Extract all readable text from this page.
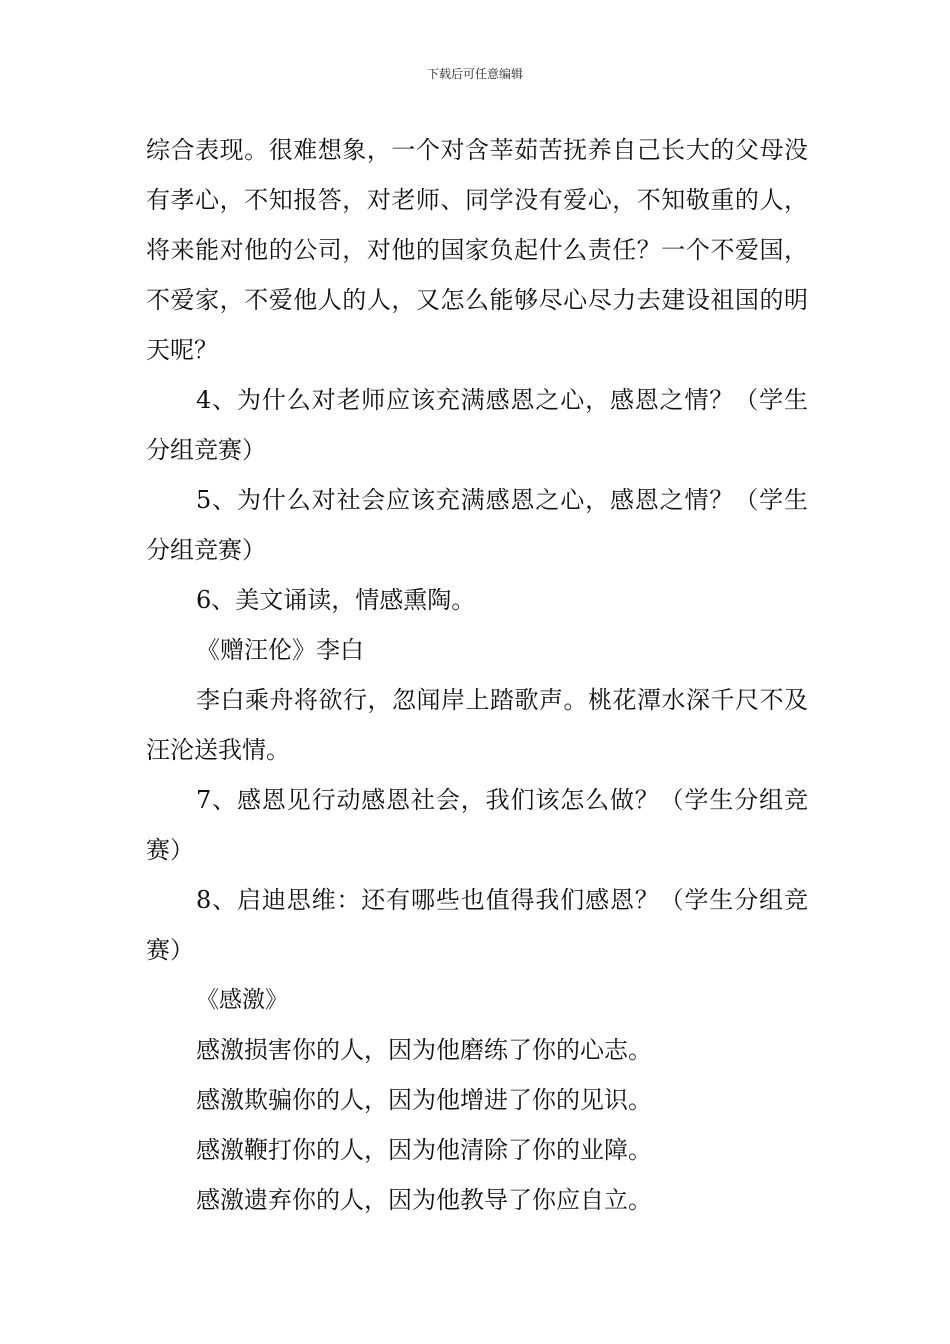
下载后可任意编辑

综合表现。很难想象，一个对含莘茹苦抚养自己长大的父母没有孝心，不知报答，对老师、同学没有爱心，不知敬重的人，将来能对他的公司，对他的国家负起什么责任？一个不爱国，不爱家，不爱他人的人，又怎么能够尽心尽力去建设祖国的明天呢？

4、为什么对老师应该充满感恩之心，感恩之情？（学生分组竞赛）

5、为什么对社会应该充满感恩之心，感恩之情？（学生分组竞赛）

6、美文诵读，情感熏陶。

《赠汪伦》李白

李白乘舟将欲行，忽闻岸上踏歌声。桃花潭水深千尺不及汪沦送我情。

7、感恩见行动感恩社会，我们该怎么做？（学生分组竞赛）

8、启迪思维：还有哪些也值得我们感恩？（学生分组竞赛）

《感激》

感激损害你的人，因为他磨练了你的心志。

感激欺骗你的人，因为他增进了你的见识。

感激鞭打你的人，因为他清除了你的业障。

感激遗弃你的人，因为他教导了你应自立。
